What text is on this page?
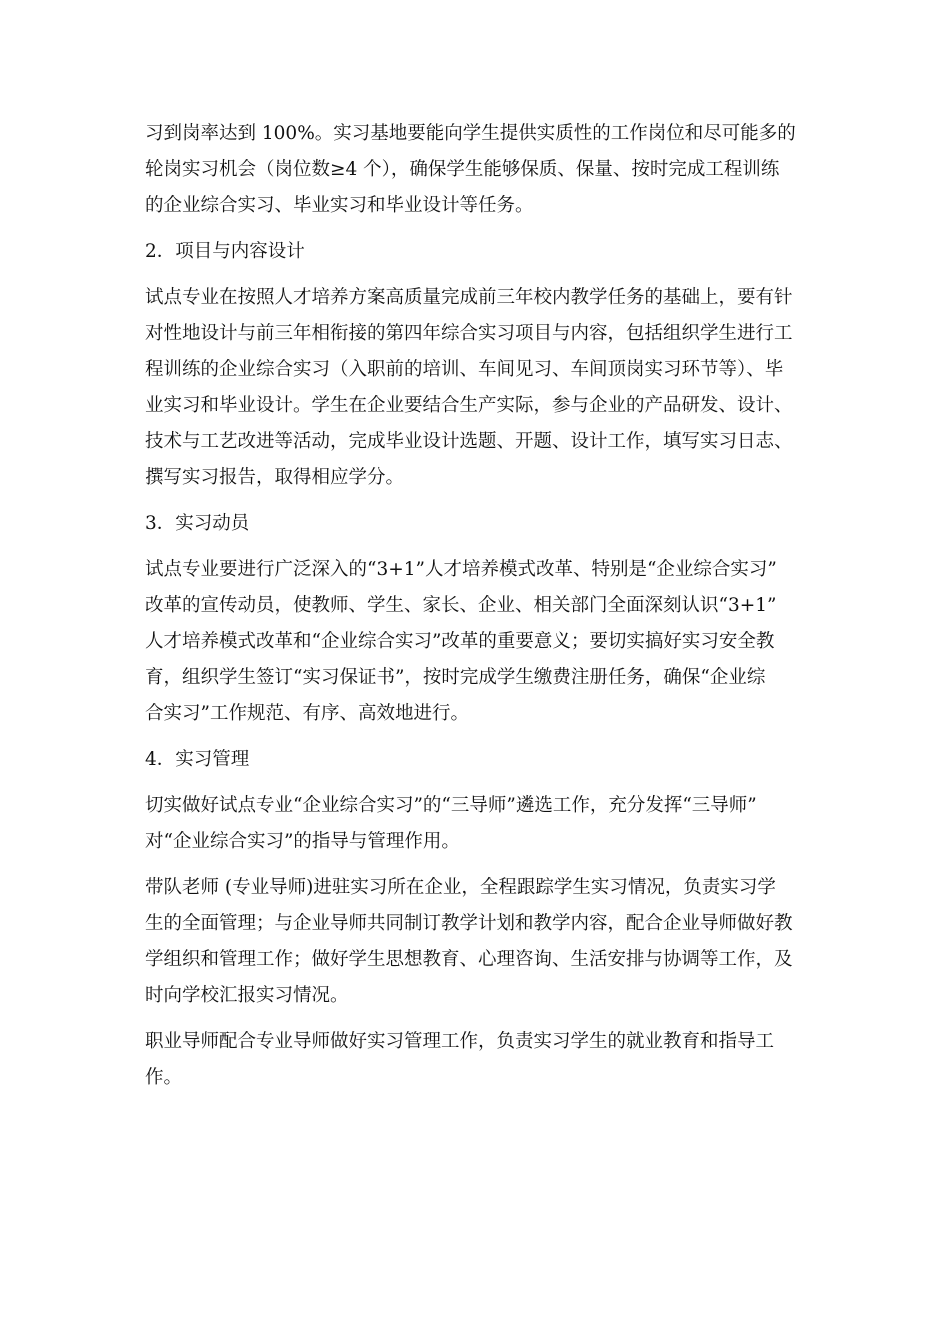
习到岗率达到 100%。实习基地要能向学生提供实质性的工作岗位和尽可能多的
轮岗实习机会（岗位数≥4 个），确保学生能够保质、保量、按时完成工程训练
的企业综合实习、毕业实习和毕业设计等任务。
2．项目与内容设计
试点专业在按照人才培养方案高质量完成前三年校内教学任务的基础上，要有针
对性地设计与前三年相衔接的第四年综合实习项目与内容，包括组织学生进行工
程训练的企业综合实习（入职前的培训、车间见习、车间顶岗实习环节等）、毕
业实习和毕业设计。学生在企业要结合生产实际，参与企业的产品研发、设计、
技术与工艺改进等活动，完成毕业设计选题、开题、设计工作，填写实习日志、
撰写实习报告，取得相应学分。
3．实习动员
试点专业要进行广泛深入的“3+1”人才培养模式改革、特别是“企业综合实习”
改革的宣传动员，使教师、学生、家长、企业、相关部门全面深刻认识“3+1”
人才培养模式改革和“企业综合实习”改革的重要意义；要切实搞好实习安全教
育，组织学生签订“实习保证书”，按时完成学生缴费注册任务，确保“企业综
合实习”工作规范、有序、高效地进行。
4．实习管理
切实做好试点专业“企业综合实习”的“三导师”遴选工作，充分发挥“三导师”
对“企业综合实习”的指导与管理作用。
带队老师 (专业导师)进驻实习所在企业，全程跟踪学生实习情况，负责实习学
生的全面管理；与企业导师共同制订教学计划和教学内容，配合企业导师做好教
学组织和管理工作；做好学生思想教育、心理咨询、生活安排与协调等工作，及
时向学校汇报实习情况。
职业导师配合专业导师做好实习管理工作，负责实习学生的就业教育和指导工
作。
